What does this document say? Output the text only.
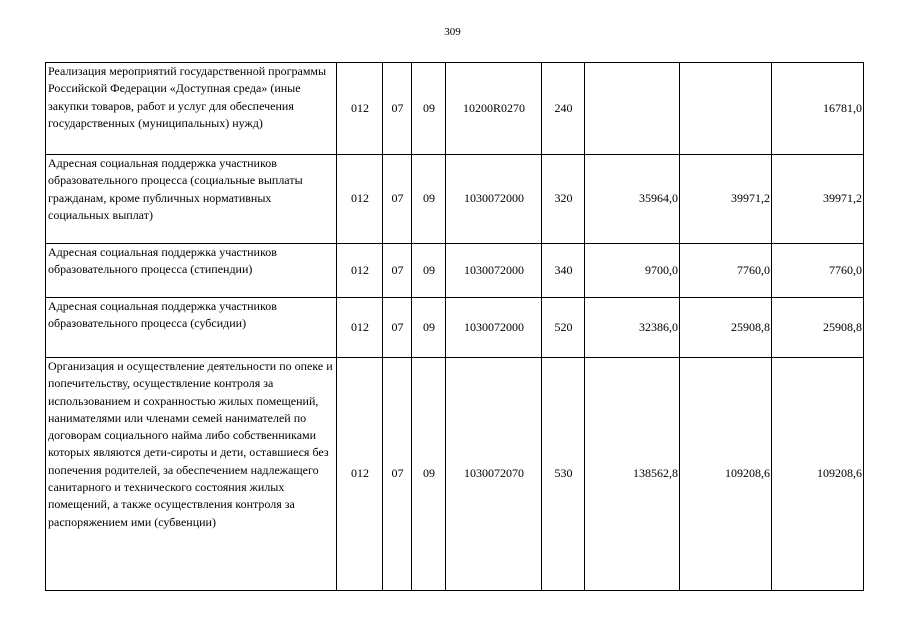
309
Реализация мероприятий государственной программы Российской Федерации «Доступная среда» (иные закупки товаров, работ и услуг для обеспечения государственных (муниципальных) нужд)	012	07	09	10200R0270	240			16781,0
Адресная социальная поддержка участников образовательного процесса (социальные выплаты гражданам, кроме публичных нормативных социальных выплат)	012	07	09	1030072000	320	35964,0	39971,2	39971,2
Адресная социальная поддержка участников образовательного процесса (стипендии)	012	07	09	1030072000	340	9700,0	7760,0	7760,0
Адресная социальная поддержка участников образовательного процесса (субсидии)	012	07	09	1030072000	520	32386,0	25908,8	25908,8
Организация и осуществление деятельности по опеке и попечительству, осуществление контроля за использованием и сохранностью жилых помещений, нанимателями или членами семей нанимателей по договорам социального найма либо собственниками которых являются дети-сироты и дети, оставшиеся без попечения родителей, за обеспечением надлежащего санитарного и технического состояния жилых помещений, а также осуществления контроля за распоряжением ими (субвенции)	012	07	09	1030072070	530	138562,8	109208,6	109208,6
